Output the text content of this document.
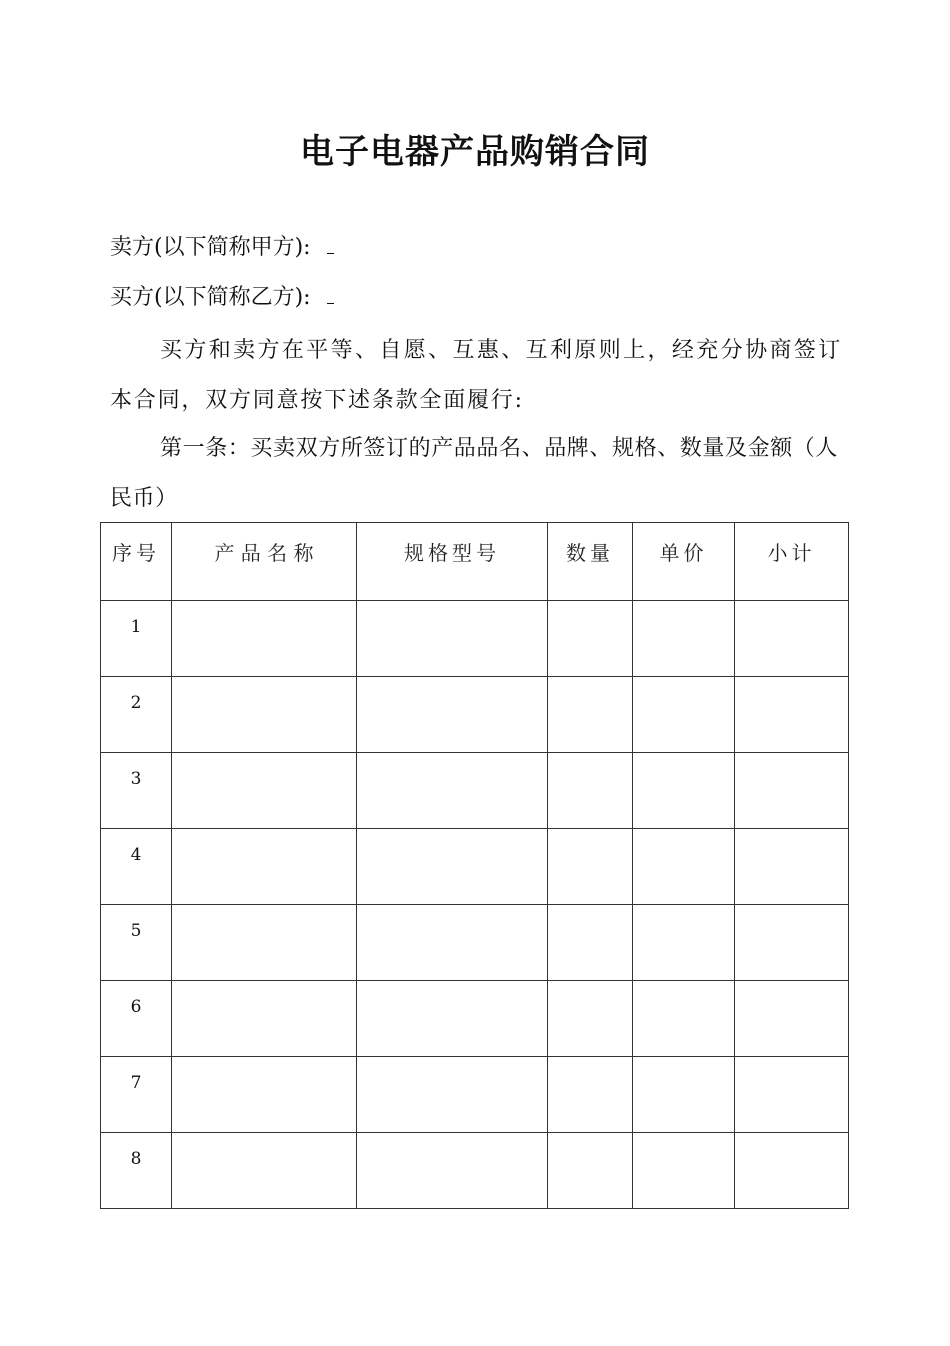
电子电器产品购销合同
卖方(以下简称甲方):
买方(以下简称乙方):

买方和卖方在平等、自愿、互惠、互利原则上，经充分协商签订本合同，双方同意按下述条款全面履行:

第一条：买卖双方所签订的产品品名、品牌、规格、数量及金额（人民币）

序号	产 品 名 称	规格型号	数量	单价	小计
1					
2					
3					
4					
5					
6					
7					
8					
